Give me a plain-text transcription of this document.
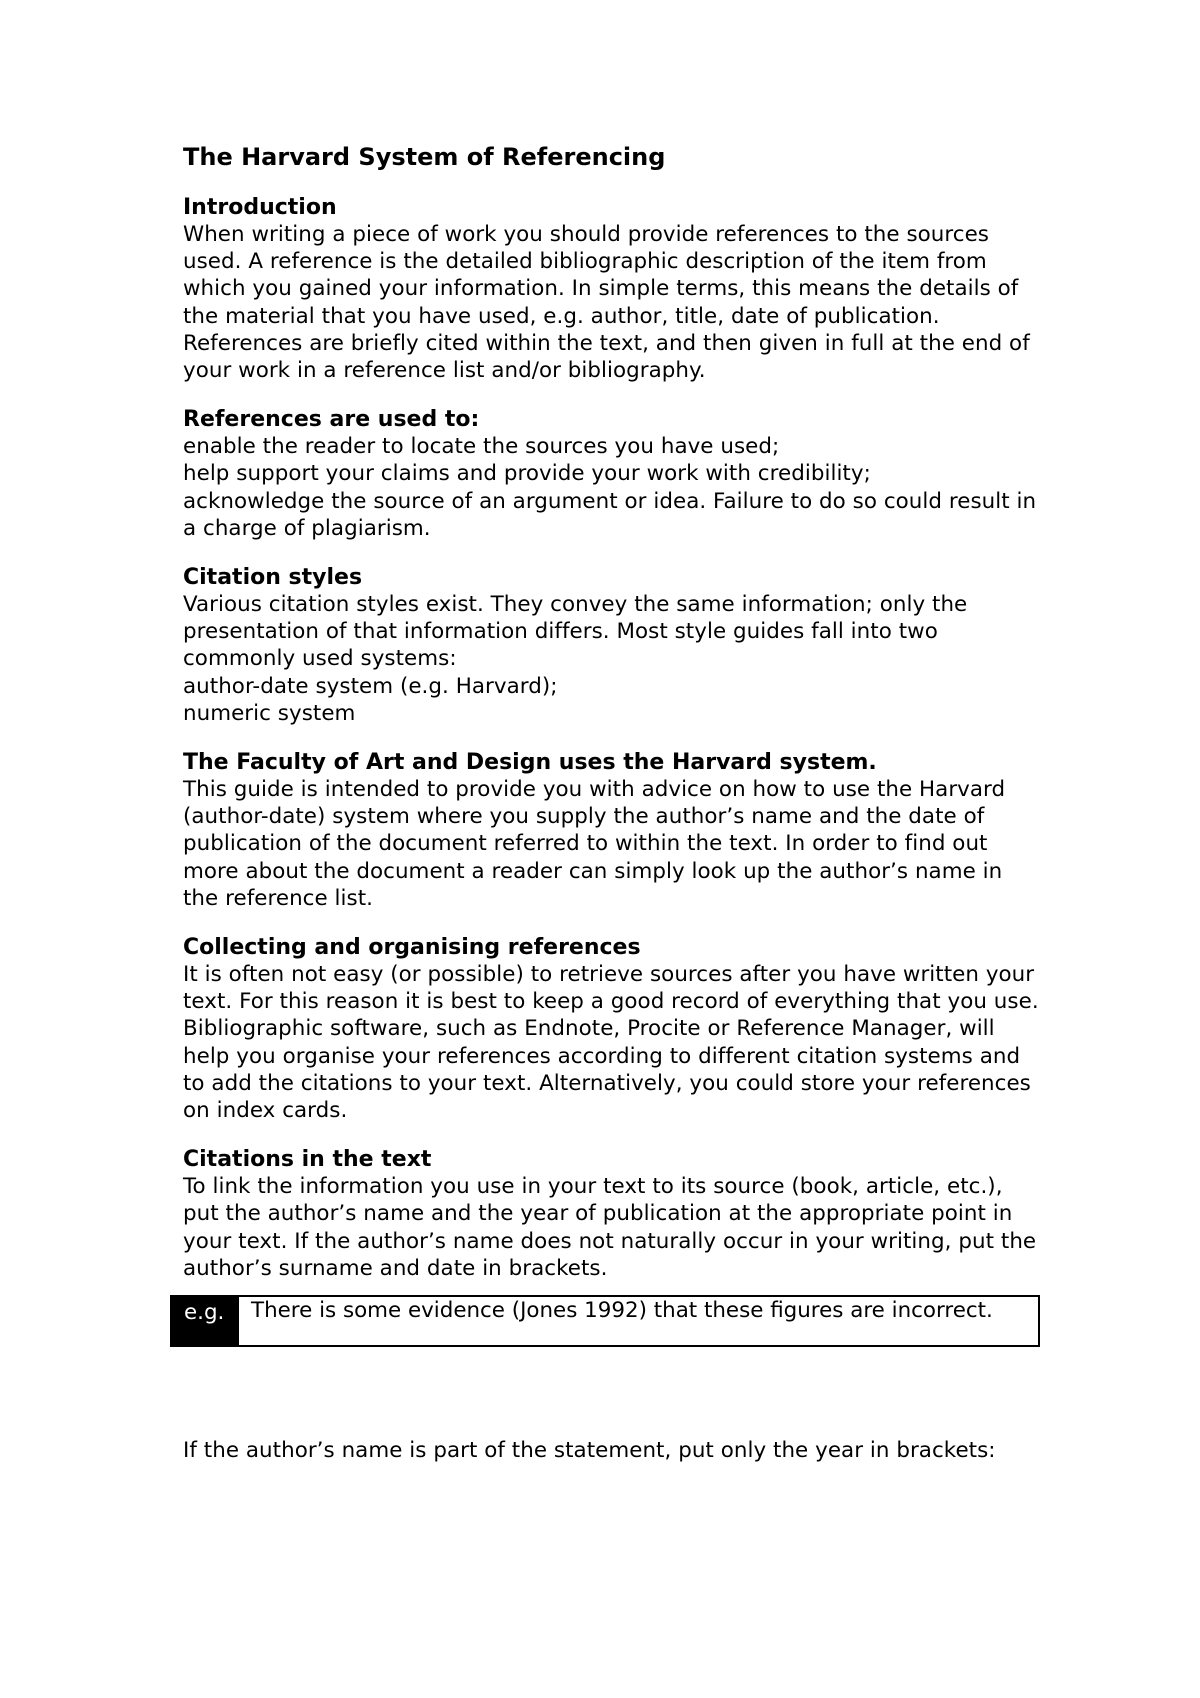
The Harvard System of Referencing
Introduction

When writing a piece of work you should provide references to the sources used. A reference is the detailed bibliographic description of the item from which you gained your information. In simple terms, this means the details of the material that you have used, e.g. author, title, date of publication. References are briefly cited within the text, and then given in full at the end of your work in a reference list and/or bibliography.

References are used to:
enable the reader to locate the sources you have used;
help support your claims and provide your work with credibility;
acknowledge the source of an argument or idea. Failure to do so could result in a charge of plagiarism.
Citation styles

Various citation styles exist. They convey the same information; only the presentation of that information differs. Most style guides fall into two commonly used systems:

author-date system (e.g. Harvard);
numeric system
The Faculty of Art and Design uses the Harvard system.

This guide is intended to provide you with advice on how to use the Harvard (author-date) system where you supply the author’s name and the date of publication of the document referred to within the text. In order to find out more about the document a reader can simply look up the author’s name in the reference list.

Collecting and organising references

It is often not easy (or possible) to retrieve sources after you have written your text. For this reason it is best to keep a good record of everything that you use. Bibliographic software, such as Endnote, Procite or Reference Manager, will help you organise your references according to different citation systems and to add the citations to your text. Alternatively, you could store your references on index cards.

Citations in the text

To link the information you use in your text to its source (book, article, etc.), put the author’s name and the year of publication at the appropriate point in your text. If the author’s name does not naturally occur in your writing, put the author’s surname and date in brackets.

e.g.	There is some evidence (Jones 1992) that these figures are incorrect.

If the author’s name is part of the statement, put only the year in brackets:
